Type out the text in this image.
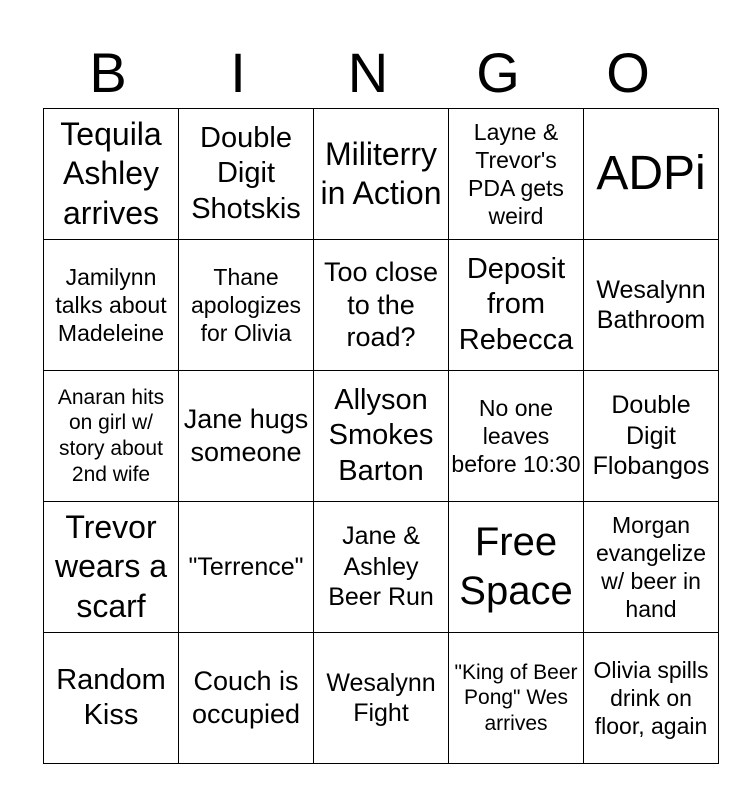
B	I	N	G	O
Tequila Ashley arrives	Double Digit Shotskis	Militerry in Action	Layne & Trevor's PDA gets weird	ADPi
Jamilynn talks about Madeleine	Thane apologizes for Olivia	Too close to the road?	Deposit from Rebecca	Wesalynn Bathroom
Anaran hits on girl w/ story about 2nd wife	Jane hugs someone	Allyson Smokes Barton	No one leaves before 10:30	Double Digit Flobangos
Trevor wears a scarf	"Terrence"	Jane & Ashley Beer Run	Free Space	Morgan evangelize w/ beer in hand
Random Kiss	Couch is occupied	Wesalynn Fight	"King of Beer Pong" Wes arrives	Olivia spills drink on floor, again
